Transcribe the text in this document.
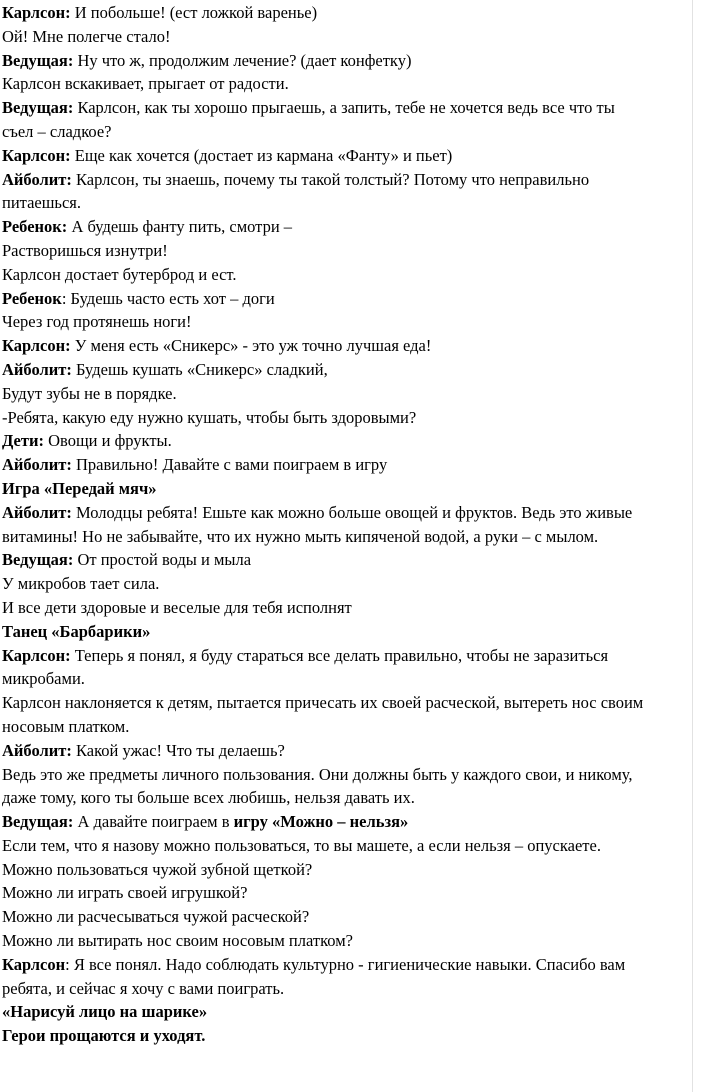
Карлсон: И побольше! (ест ложкой варенье)
Ой! Мне полегче стало!
Ведущая: Ну что ж, продолжим лечение? (дает конфетку)
Карлсон вскакивает, прыгает от радости.
Ведущая: Карлсон, как ты хорошо прыгаешь, а запить, тебе не хочется ведь все что ты
съел – сладкое?
Карлсон: Еще как хочется (достает из кармана «Фанту» и пьет)
Айболит: Карлсон, ты знаешь, почему ты такой толстый? Потому что неправильно
питаешься.
Ребенок: А будешь фанту пить, смотри –
Растворишься изнутри!
Карлсон достает бутерброд и ест.
Ребенок: Будешь часто есть хот – доги
Через год протянешь ноги!
Карлсон: У меня есть «Сникерс» - это уж точно лучшая еда!
Айболит: Будешь кушать «Сникерс» сладкий,
Будут зубы не в порядке.
-Ребята, какую еду нужно кушать, чтобы быть здоровыми?
Дети: Овощи и фрукты.
Айболит: Правильно! Давайте с вами поиграем в игру
Игра «Передай мяч»
Айболит: Молодцы ребята! Ешьте как можно больше овощей и фруктов. Ведь это живые
витамины! Но не забывайте, что их нужно мыть кипяченой водой, а руки – с мылом.
Ведущая: От простой воды и мыла
У микробов тает сила.
И все дети здоровые и веселые для тебя исполнят
Танец «Барбарики»
Карлсон: Теперь я понял, я буду стараться все делать правильно, чтобы не заразиться
микробами.
Карлсон наклоняется к детям, пытается причесать их своей расческой, вытереть нос своим
носовым платком.
Айболит: Какой ужас! Что ты делаешь?
Ведь это же предметы личного пользования. Они должны быть у каждого свои, и никому,
даже тому, кого ты больше всех любишь, нельзя давать их.
Ведущая: А давайте поиграем в игру «Можно – нельзя»
Если тем, что я назову можно пользоваться, то вы машете, а если нельзя – опускаете.
Можно пользоваться чужой зубной щеткой?
Можно ли играть своей игрушкой?
Можно ли расчесываться чужой расческой?
Можно ли вытирать нос своим носовым платком?
Карлсон: Я все понял. Надо соблюдать культурно - гигиенические навыки. Спасибо вам
ребята, и сейчас я хочу с вами поиграть.
«Нарисуй лицо на шарике»
Герои прощаются и уходят.
